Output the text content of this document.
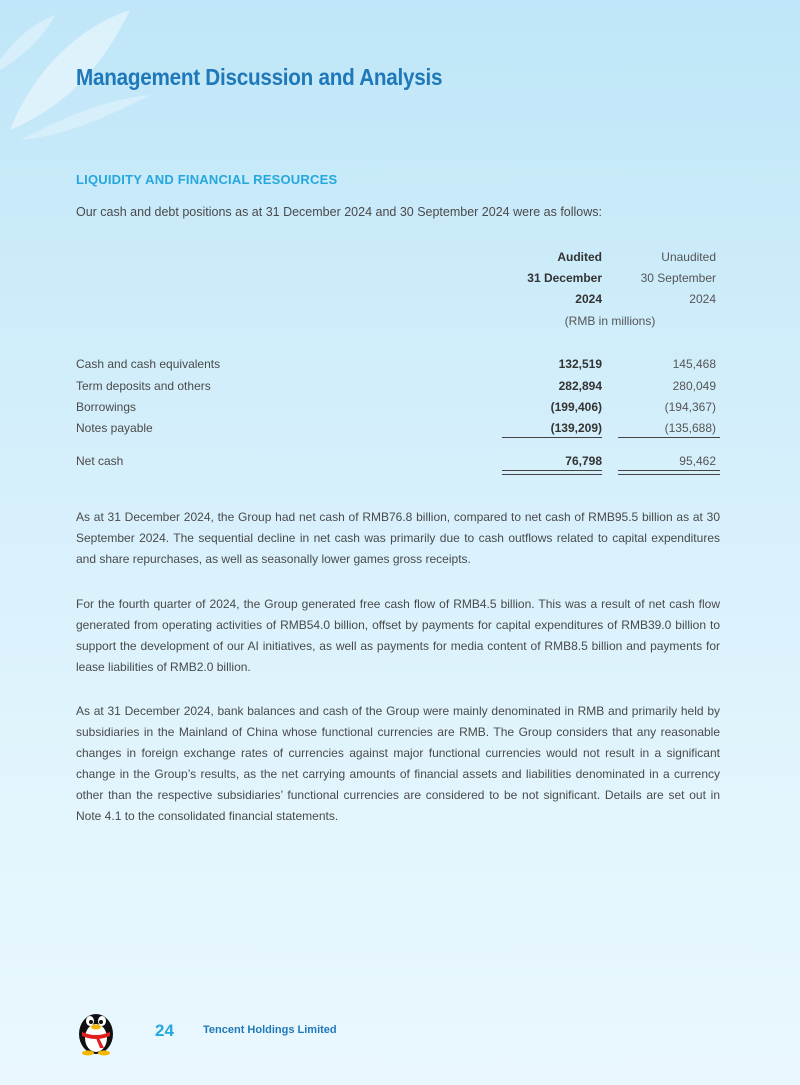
Management Discussion and Analysis
LIQUIDITY AND FINANCIAL RESOURCES

Our cash and debt positions as at 31 December 2024 and 30 September 2024 were as follows:

Audited	Unaudited
31 December	30 September
2024	2024
(RMB in millions)
Cash and cash equivalents	132,519	145,468
Term deposits and others	282,894	280,049
Borrowings	(199,406)	(194,367)
Notes payable	(139,209)	(135,688)
Net cash	76,798	95,462

As at 31 December 2024, the Group had net cash of RMB76.8 billion, compared to net cash of RMB95.5 billion as at 30 September 2024. The sequential decline in net cash was primarily due to cash outflows related to capital expenditures and share repurchases, as well as seasonally lower games gross receipts.

For the fourth quarter of 2024, the Group generated free cash flow of RMB4.5 billion. This was a result of net cash flow generated from operating activities of RMB54.0 billion, offset by payments for capital expenditures of RMB39.0 billion to support the development of our AI initiatives, as well as payments for media content of RMB8.5 billion and payments for lease liabilities of RMB2.0 billion.

As at 31 December 2024, bank balances and cash of the Group were mainly denominated in RMB and primarily held by subsidiaries in the Mainland of China whose functional currencies are RMB. The Group considers that any reasonable changes in foreign exchange rates of currencies against major functional currencies would not result in a significant change in the Group’s results, as the net carrying amounts of financial assets and liabilities denominated in a currency other than the respective subsidiaries’ functional currencies are considered to be not significant. Details are set out in Note 4.1 to the consolidated financial statements.

24	Tencent Holdings Limited
